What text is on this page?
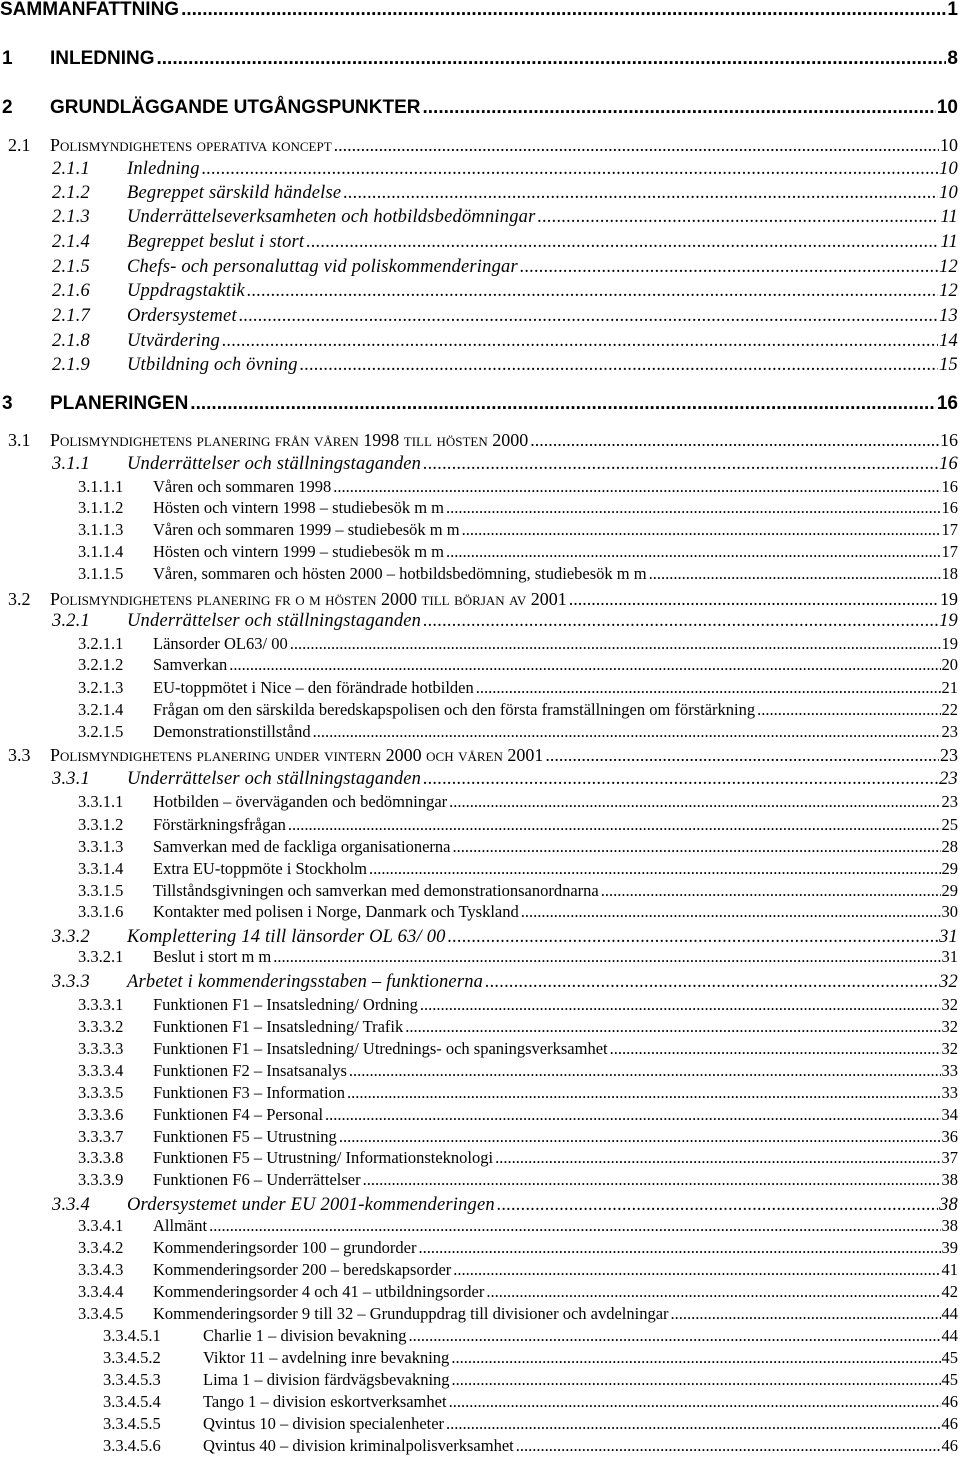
SAMMANFATTNING .....	1
1	INLEDNING .....	8
2	GRUNDLÄGGANDE UTGÅNGSPUNKTER .....	10
2.1	Polismyndighetens operativa koncept .....	10
2.1.1	Inledning .....	10
2.1.2	Begreppet särskild händelse .....	10
2.1.3	Underrättelseverksamheten och hotbildsbedömningar .....	11
2.1.4	Begreppet beslut i stort .....	11
2.1.5	Chefs- och personaluttag vid poliskommenderingar .....	12
2.1.6	Uppdragstaktik .....	12
2.1.7	Ordersystemet .....	13
2.1.8	Utvärdering .....	14
2.1.9	Utbildning och övning .....	15
3	PLANERINGEN .....	16
3.1	Polismyndighetens planering från våren 1998 till hösten 2000 .....	16
3.1.1	Underrättelser och ställningstaganden .....	16
3.1.1.1	Våren och sommaren 1998 .....	16
3.1.1.2	Hösten och vintern 1998 – studiebesök m m .....	16
3.1.1.3	Våren och sommaren 1999 – studiebesök m m .....	17
3.1.1.4	Hösten och vintern 1999 – studiebesök m m .....	17
3.1.1.5	Våren, sommaren och hösten 2000 – hotbildsbedömning, studiebesök m m .....	18
3.2	Polismyndighetens planering fr o m hösten 2000 till början av 2001 .....	19
3.2.1	Underrättelser och ställningstaganden .....	19
3.2.1.1	Länsorder OL63/ 00 .....	19
3.2.1.2	Samverkan .....	20
3.2.1.3	EU-toppmötet i Nice – den förändrade hotbilden .....	21
3.2.1.4	Frågan om den särskilda beredskapspolisen och den första framställningen om förstärkning .....	22
3.2.1.5	Demonstrationstillstånd .....	23
3.3	Polismyndighetens planering under vintern 2000 och våren 2001 .....	23
3.3.1	Underrättelser och ställningstaganden .....	23
3.3.1.1	Hotbilden – överväganden och bedömningar .....	23
3.3.1.2	Förstärkningsfrågan .....	25
3.3.1.3	Samverkan med de fackliga organisationerna .....	28
3.3.1.4	Extra EU-toppmöte i Stockholm .....	29
3.3.1.5	Tillståndsgivningen och samverkan med demonstrationsanordnarna .....	29
3.3.1.6	Kontakter med polisen i Norge, Danmark och Tyskland .....	30
3.3.2	Komplettering 14 till länsorder OL 63/ 00 .....	31
3.3.2.1	Beslut i stort m m .....	31
3.3.3	Arbetet i kommenderingsstaben – funktionerna .....	32
3.3.3.1	Funktionen F1 – Insatsledning/ Ordning .....	32
3.3.3.2	Funktionen F1 – Insatsledning/ Trafik .....	32
3.3.3.3	Funktionen F1 – Insatsledning/ Utrednings- och spaningsverksamhet .....	32
3.3.3.4	Funktionen F2 – Insatsanalys .....	33
3.3.3.5	Funktionen F3 – Information .....	33
3.3.3.6	Funktionen F4 – Personal .....	34
3.3.3.7	Funktionen F5 – Utrustning .....	36
3.3.3.8	Funktionen F5 – Utrustning/ Informationsteknologi .....	37
3.3.3.9	Funktionen F6 – Underrättelser .....	38
3.3.4	Ordersystemet under EU 2001-kommenderingen .....	38
3.3.4.1	Allmänt .....	38
3.3.4.2	Kommenderingsorder 100 – grundorder .....	39
3.3.4.3	Kommenderingsorder 200 – beredskapsorder .....	41
3.3.4.4	Kommenderingsorder 4 och 41 – utbildningsorder .....	42
3.3.4.5	Kommenderingsorder 9 till 32 – Grunduppdrag till divisioner och avdelningar .....	44
3.3.4.5.1	Charlie 1 – division bevakning .....	44
3.3.4.5.2	Viktor 11 – avdelning inre bevakning .....	45
3.3.4.5.3	Lima 1 – division färdvägsbevakning .....	45
3.3.4.5.4	Tango 1 – division eskortverksamhet .....	46
3.3.4.5.5	Qvintus 10 – division specialenheter .....	46
3.3.4.5.6	Qvintus 40 – division kriminalpolisverksamhet .....	46
